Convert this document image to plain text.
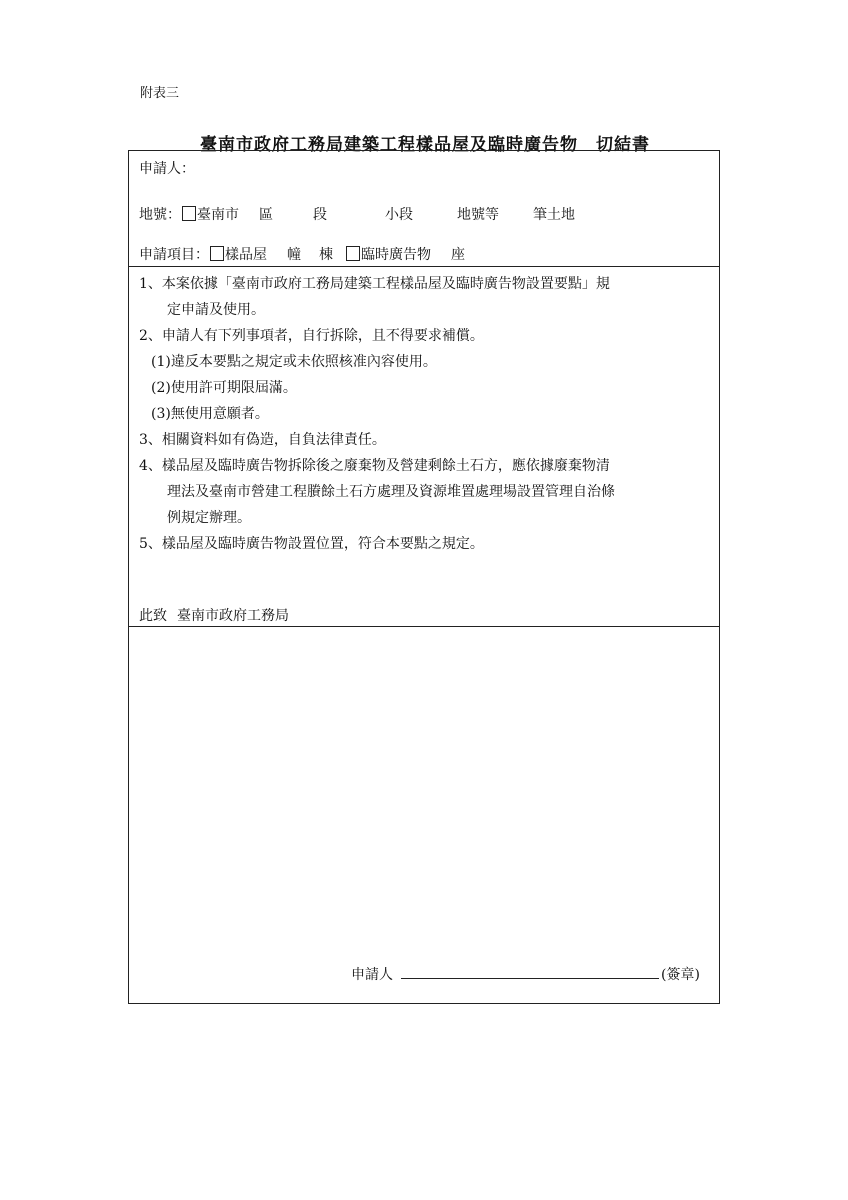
附表三
臺南市政府工務局建築工程樣品屋及臨時廣告物 切結書
申請人：
地號： 臺南市 區	段	小段	地號等 筆土地
申請項目： 樣品屋 幢 棟 臨時廣告物 座
1、本案依據「臺南市政府工務局建築工程樣品屋及臨時廣告物設置要點」規
定申請及使用。
2、申請人有下列事項者，自行拆除，且不得要求補償。
(1)違反本要點之規定或未依照核准內容使用。
(2)使用許可期限屆滿。
(3)無使用意願者。
3、相關資料如有偽造，自負法律責任。
4、樣品屋及臨時廣告物拆除後之廢棄物及營建剩餘土石方，應依據廢棄物清
理法及臺南市營建工程賸餘土石方處理及資源堆置處理場設置管理自治條
例規定辦理。
5、樣品屋及臨時廣告物設置位置，符合本要點之規定。
此致 臺南市政府工務局
申請人	(簽章)
